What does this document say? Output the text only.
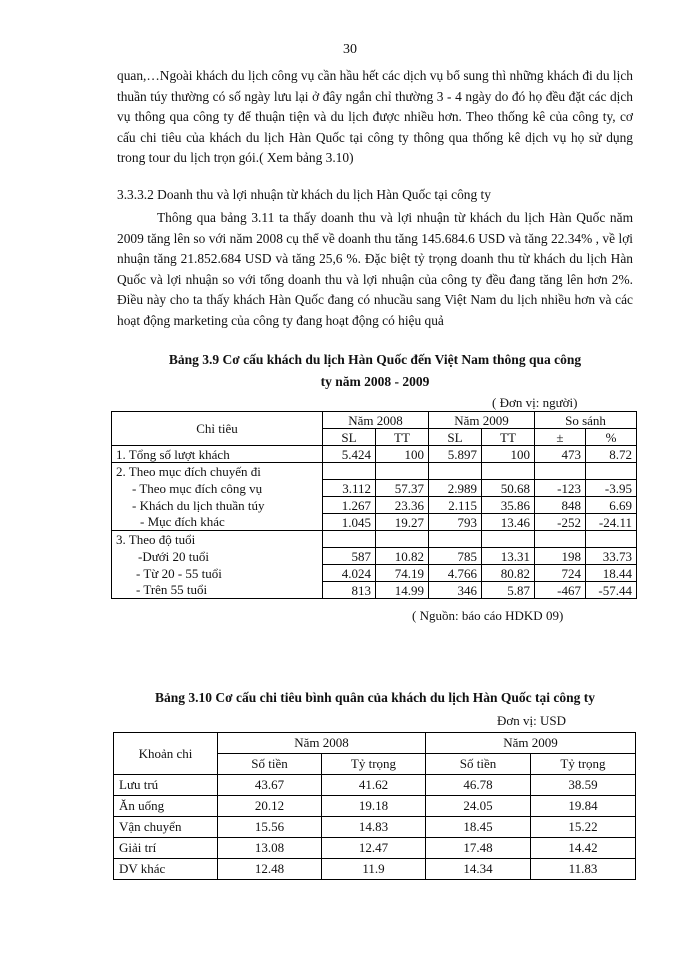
30
quan,…Ngoài khách du lịch công vụ cần hầu hết các dịch vụ bổ sung thì những khách đi du lịch thuần túy thường có số ngày lưu lại ở đây ngắn chỉ thường 3 - 4 ngày do đó họ đều đặt các dịch vụ thông qua công ty để thuận tiện và du lịch được nhiều hơn. Theo thống kê của công ty, cơ cấu chi tiêu của khách du lịch Hàn Quốc tại công ty thông qua thống kê dịch vụ họ sử dụng trong tour du lịch trọn gói.( Xem bảng 3.10)
3.3.3.2 Doanh thu và lợi nhuận từ khách du lịch Hàn Quốc tại công ty
Thông qua bảng 3.11 ta thấy doanh thu và lợi nhuận từ khách du lịch Hàn Quốc năm 2009 tăng lên so với năm 2008 cụ thể về doanh thu tăng 145.684.6 USD và tăng 22.34% , về lợi nhuận tăng 21.852.684 USD và tăng 25,6 %. Đặc biệt tỷ trọng doanh thu từ khách du lịch Hàn Quốc và lợi nhuận so với tổng doanh thu và lợi nhuận của công ty đều đang tăng lên hơn 2%. Điều này cho ta thấy khách Hàn Quốc đang có nhucầu sang Việt Nam du lịch nhiều hơn và các hoạt động marketing của công ty đang hoạt động có hiệu quả
Bảng 3.9 Cơ cấu khách du lịch Hàn Quốc đến Việt Nam thông qua công
ty năm 2008 - 2009
( Đơn vị: người)
Chỉ tiêu	Năm 2008		Năm 2009		So sánh	
	SL	TT	SL	TT	±	%
1. Tổng số lượt khách	5.424	100	5.897	100	473	8.72
2. Theo mục đích chuyến đi						
- Theo mục đích công vụ	3.112	57.37	2.989	50.68	-123	-3.95
- Khách du lịch thuần túy	1.267	23.36	2.115	35.86	848	6.69
- Mục đích khác	1.045	19.27	793	13.46	-252	-24.11
3. Theo độ tuổi						
-Dưới 20 tuổi	587	10.82	785	13.31	198	33.73
- Từ 20 - 55 tuổi	4.024	74.19	4.766	80.82	724	18.44
- Trên 55 tuổi	813	14.99	346	5.87	-467	-57.44
( Nguồn: báo cáo HDKD 09)
Bảng 3.10 Cơ cấu chi tiêu bình quân của khách du lịch Hàn Quốc tại công ty
Đơn vị: USD
Khoản chi	Năm 2008		Năm 2009	
	Số tiền	Tỷ trọng	Số tiền	Tỷ trọng
Lưu trú	43.67	41.62	46.78	38.59
Ăn uống	20.12	19.18	24.05	19.84
Vận chuyển	15.56	14.83	18.45	15.22
Giải trí	13.08	12.47	17.48	14.42
DV khác	12.48	11.9	14.34	11.83
